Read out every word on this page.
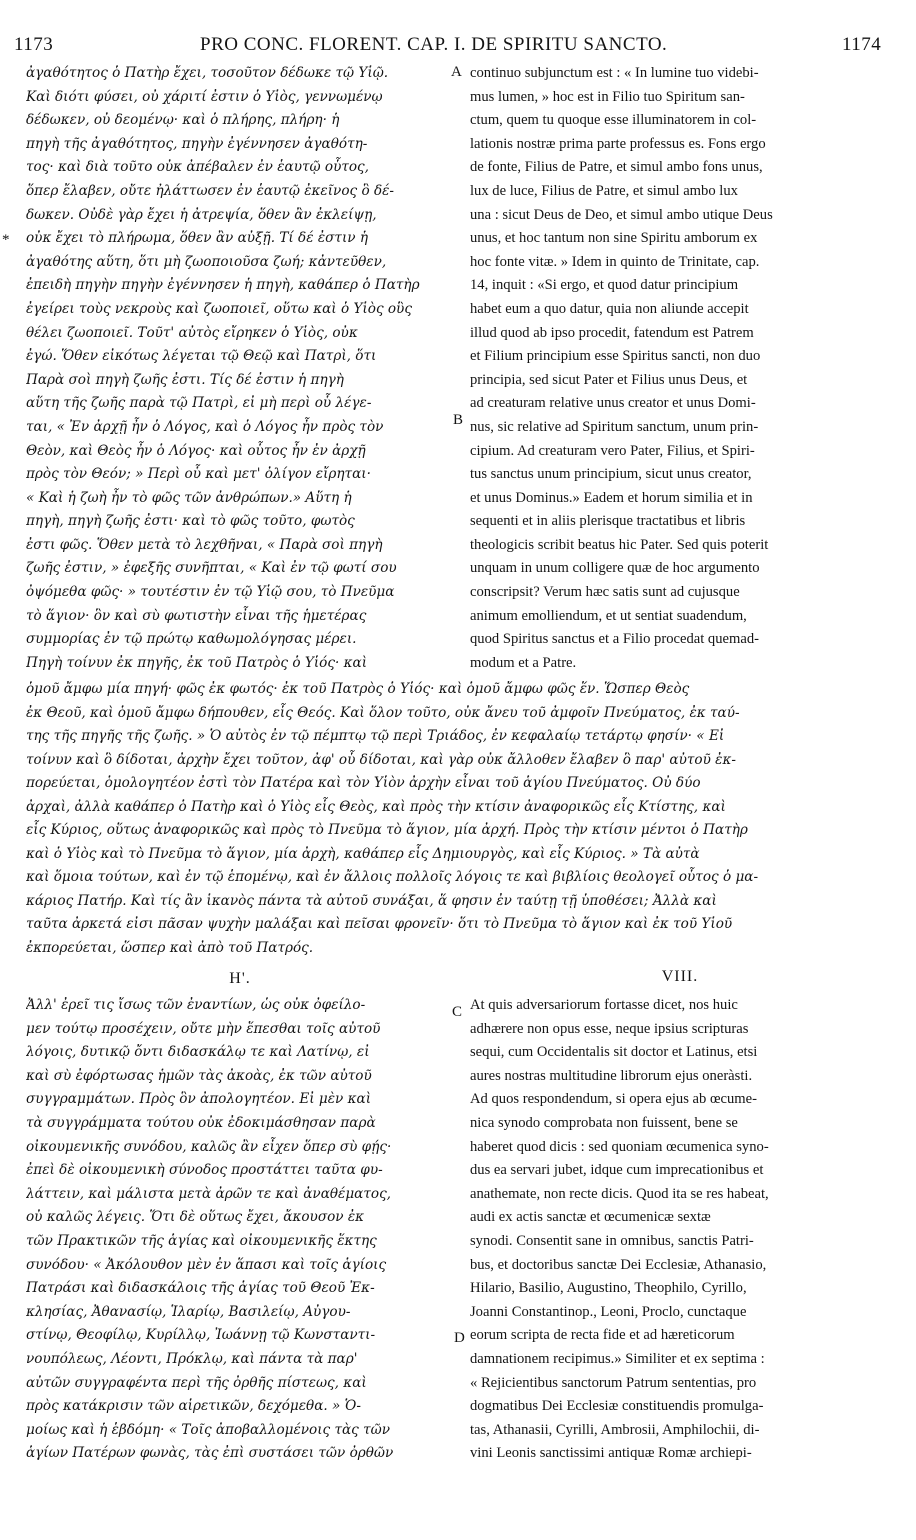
1173	PRO CONC. FLORENT. CAP. I. DE SPIRITU SANCTO.	1174
A
*
B
C
D
ἀγαθότητος ὁ Πατὴρ ἔχει, τοσοῦτον δέδωκε τῷ Υἱῷ.
Καὶ διότι φύσει, οὐ χάριτί ἐστιν ὁ Υἱὸς, γεννωμένῳ
δέδωκεν, οὐ δεομένῳ· καὶ ὁ πλήρης, πλήρη· ἡ
πηγὴ τῆς ἀγαθότητος, πηγὴν ἐγέννησεν ἀγαθότη-
τος· καὶ διὰ τοῦτο οὐκ ἀπέβαλεν ἐν ἑαυτῷ οὗτος,
ὅπερ ἔλαβεν, οὔτε ἠλάττωσεν ἐν ἑαυτῷ ἐκεῖνος ὃ δέ-
δωκεν. Οὐδὲ γὰρ ἔχει ἡ ἀτρεψία, ὅθεν ἂν ἐκλείψῃ,
οὐκ ἔχει τὸ πλήρωμα, ὅθεν ἂν αὐξῇ. Τί δέ ἐστιν ἡ
ἀγαθότης αὕτη, ὅτι μὴ ζωοποιοῦσα ζωή; κἀντεῦθεν,
ἐπειδὴ πηγὴν πηγὴν ἐγέννησεν ἡ πηγὴ, καθάπερ ὁ Πατὴρ
ἐγείρει τοὺς νεκροὺς καὶ ζωοποιεῖ, οὕτω καὶ ὁ Υἱὸς οὓς
θέλει ζωοποιεῖ. Τοῦτ' αὐτὸς εἴρηκεν ὁ Υἱὸς, οὐκ
ἐγώ. Ὅθεν εἰκότως λέγεται τῷ Θεῷ καὶ Πατρὶ, ὅτι
Παρὰ σοὶ πηγὴ ζωῆς ἐστι. Τίς δέ ἐστιν ἡ πηγὴ
αὕτη τῆς ζωῆς παρὰ τῷ Πατρὶ, εἰ μὴ περὶ οὗ λέγε-
ται, « Ἐν ἀρχῇ ἦν ὁ Λόγος, καὶ ὁ Λόγος ἦν πρὸς τὸν
Θεὸν, καὶ Θεὸς ἦν ὁ Λόγος· καὶ οὗτος ἦν ἐν ἀρχῇ
πρὸς τὸν Θεόν; » Περὶ οὗ καὶ μετ' ὀλίγον εἴρηται·
« Καὶ ἡ ζωὴ ἦν τὸ φῶς τῶν ἀνθρώπων.» Αὕτη ἡ
πηγὴ, πηγὴ ζωῆς ἐστι· καὶ τὸ φῶς τοῦτο, φωτὸς
ἐστι φῶς. Ὅθεν μετὰ τὸ λεχθῆναι, « Παρὰ σοὶ πηγὴ
ζωῆς ἐστιν, » ἐφεξῆς συνῆπται, « Καὶ ἐν τῷ φωτί σου
ὀψόμεθα φῶς· » τουτέστιν ἐν τῷ Υἱῷ σου, τὸ Πνεῦμα
τὸ ἅγιον· ὃν καὶ σὺ φωτιστὴν εἶναι τῆς ἡμετέρας
συμμορίας ἐν τῷ πρώτῳ καθωμολόγησας μέρει.
Πηγὴ τοίνυν ἐκ πηγῆς, ἐκ τοῦ Πατρὸς ὁ Υἱός· καὶ
continuo subjunctum est : « In lumine tuo videbi-
mus lumen, » hoc est in Filio tuo Spiritum san-
ctum, quem tu quoque esse illuminatorem in col-
lationis nostræ prima parte professus es. Fons ergo
de fonte, Filius de Patre, et simul ambo fons unus,
lux de luce, Filius de Patre, et simul ambo lux
una : sicut Deus de Deo, et simul ambo utique Deus
unus, et hoc tantum non sine Spiritu amborum ex
hoc fonte vitæ. » Idem in quinto de Trinitate, cap.
14, inquit : «Si ergo, et quod datur principium
habet eum a quo datur, quia non aliunde accepit
illud quod ab ipso procedit, fatendum est Patrem
et Filium principium esse Spiritus sancti, non duo
principia, sed sicut Pater et Filius unus Deus, et
ad creaturam relative unus creator et unus Domi-
nus, sic relative ad Spiritum sanctum, unum prin-
cipium. Ad creaturam vero Pater, Filius, et Spiri-
tus sanctus unum principium, sicut unus creator,
et unus Dominus.» Eadem et horum similia et in
sequenti et in aliis plerisque tractatibus et libris
theologicis scribit beatus hic Pater. Sed quis poterit
unquam in unum colligere quæ de hoc argumento
conscripsit? Verum hæc satis sunt ad cujusque
animum emolliendum, et ut sentiat suadendum,
quod Spiritus sanctus et a Filio procedat quemad-
modum et a Patre.
ὁμοῦ ἄμφω μία πηγή· φῶς ἐκ φωτός· ἐκ τοῦ Πατρὸς ὁ Υἱός· καὶ ὁμοῦ ἄμφω φῶς ἕν. Ὥσπερ Θεὸς
ἐκ Θεοῦ, καὶ ὁμοῦ ἄμφω δήπουθεν, εἷς Θεός. Καὶ ὅλον τοῦτο, οὐκ ἄνευ τοῦ ἀμφοῖν Πνεύματος, ἐκ ταύ-
της τῆς πηγῆς τῆς ζωῆς. » Ὁ αὐτὸς ἐν τῷ πέμπτῳ τῷ περὶ Τριάδος, ἐν κεφαλαίῳ τετάρτῳ φησίν· « Εἰ
τοίνυν καὶ ὃ δίδοται, ἀρχὴν ἔχει τοῦτον, ἀφ' οὗ δίδοται, καὶ γὰρ οὐκ ἄλλοθεν ἔλαβεν ὃ παρ' αὐτοῦ ἐκ-
πορεύεται, ὁμολογητέον ἐστὶ τὸν Πατέρα καὶ τὸν Υἱὸν ἀρχὴν εἶναι τοῦ ἁγίου Πνεύματος. Οὐ δύο
ἀρχαὶ, ἀλλὰ καθάπερ ὁ Πατὴρ καὶ ὁ Υἱὸς εἷς Θεὸς, καὶ πρὸς τὴν κτίσιν ἀναφορικῶς εἷς Κτίστης, καὶ
εἷς Κύριος, οὕτως ἀναφορικῶς καὶ πρὸς τὸ Πνεῦμα τὸ ἅγιον, μία ἀρχή. Πρὸς τὴν κτίσιν μέντοι ὁ Πατὴρ
καὶ ὁ Υἱὸς καὶ τὸ Πνεῦμα τὸ ἅγιον, μία ἀρχὴ, καθάπερ εἷς Δημιουργὸς, καὶ εἷς Κύριος. » Τὰ αὐτὰ
καὶ ὅμοια τούτων, καὶ ἐν τῷ ἑπομένῳ, καὶ ἐν ἄλλοις πολλοῖς λόγοις τε καὶ βιβλίοις θεολογεῖ οὗτος ὁ μα-
κάριος Πατήρ. Καὶ τίς ἂν ἱκανὸς πάντα τὰ αὐτοῦ συνάξαι, ἅ φησιν ἐν ταύτῃ τῇ ὑποθέσει; Ἀλλὰ καὶ
ταῦτα ἀρκετά εἰσι πᾶσαν ψυχὴν μαλάξαι καὶ πεῖσαι φρονεῖν· ὅτι τὸ Πνεῦμα τὸ ἅγιον καὶ ἐκ τοῦ Υἱοῦ
ἐκπορεύεται, ὥσπερ καὶ ἀπὸ τοῦ Πατρός.
Η'.	VIII.
Ἀλλ' ἐρεῖ τις ἴσως τῶν ἐναντίων, ὡς οὐκ ὀφείλο-
μεν τούτῳ προσέχειν, οὔτε μὴν ἕπεσθαι τοῖς αὐτοῦ
λόγοις, δυτικῷ ὄντι διδασκάλῳ τε καὶ Λατίνῳ, εἰ
καὶ σὺ ἐφόρτωσας ἡμῶν τὰς ἀκοὰς, ἐκ τῶν αὐτοῦ
συγγραμμάτων. Πρὸς ὃν ἀπολογητέον. Εἰ μὲν καὶ
τὰ συγγράμματα τούτου οὐκ ἐδοκιμάσθησαν παρὰ
οἰκουμενικῆς συνόδου, καλῶς ἂν εἶχεν ὅπερ σὺ φῄς·
ἐπεὶ δὲ οἰκουμενικὴ σύνοδος προστάττει ταῦτα φυ-
λάττειν, καὶ μάλιστα μετὰ ἀρῶν τε καὶ ἀναθέματος,
οὐ καλῶς λέγεις. Ὅτι δὲ οὕτως ἔχει, ἄκουσον ἐκ
τῶν Πρακτικῶν τῆς ἁγίας καὶ οἰκουμενικῆς ἕκτης
συνόδου· « Ἀκόλουθον μὲν ἐν ἅπασι καὶ τοῖς ἁγίοις
Πατράσι καὶ διδασκάλοις τῆς ἁγίας τοῦ Θεοῦ Ἐκ-
κλησίας, Ἀθανασίῳ, Ἱλαρίῳ, Βασιλείῳ, Αὐγου-
στίνῳ, Θεοφίλῳ, Κυρίλλῳ, Ἰωάννῃ τῷ Κωνσταντι-
νουπόλεως, Λέοντι, Πρόκλῳ, καὶ πάντα τὰ παρ'
αὐτῶν συγγραφέντα περὶ τῆς ὀρθῆς πίστεως, καὶ
πρὸς κατάκρισιν τῶν αἱρετικῶν, δεχόμεθα. » Ὁ-
μοίως καὶ ἡ ἑβδόμη· « Τοῖς ἀποβαλλομένοις τὰς τῶν
ἁγίων Πατέρων φωνὰς, τὰς ἐπὶ συστάσει τῶν ὀρθῶν
At quis adversariorum fortasse dicet, nos huic
adhærere non opus esse, neque ipsius scripturas
sequi, cum Occidentalis sit doctor et Latinus, etsi
aures nostras multitudine librorum ejus oneràsti.
Ad quos respondendum, si opera ejus ab œcume-
nica synodo comprobata non fuissent, bene se
haberet quod dicis : sed quoniam œcumenica syno-
dus ea servari jubet, idque cum imprecationibus et
anathemate, non recte dicis. Quod ita se res habeat,
audi ex actis sanctæ et œcumenicæ sextæ
synodi. Consentit sane in omnibus, sanctis Patri-
bus, et doctoribus sanctæ Dei Ecclesiæ, Athanasio,
Hilario, Basilio, Augustino, Theophilo, Cyrillo,
Joanni Constantinop., Leoni, Proclo, cunctaque
eorum scripta de recta fide et ad hæreticorum
damnationem recipimus.» Similiter et ex septima :
« Rejicientibus sanctorum Patrum sententias, pro
dogmatibus Dei Ecclesiæ constituendis promulga-
tas, Athanasii, Cyrilli, Ambrosii, Amphilochii, di-
vini Leonis sanctissimi antiquæ Romæ archiepi-
